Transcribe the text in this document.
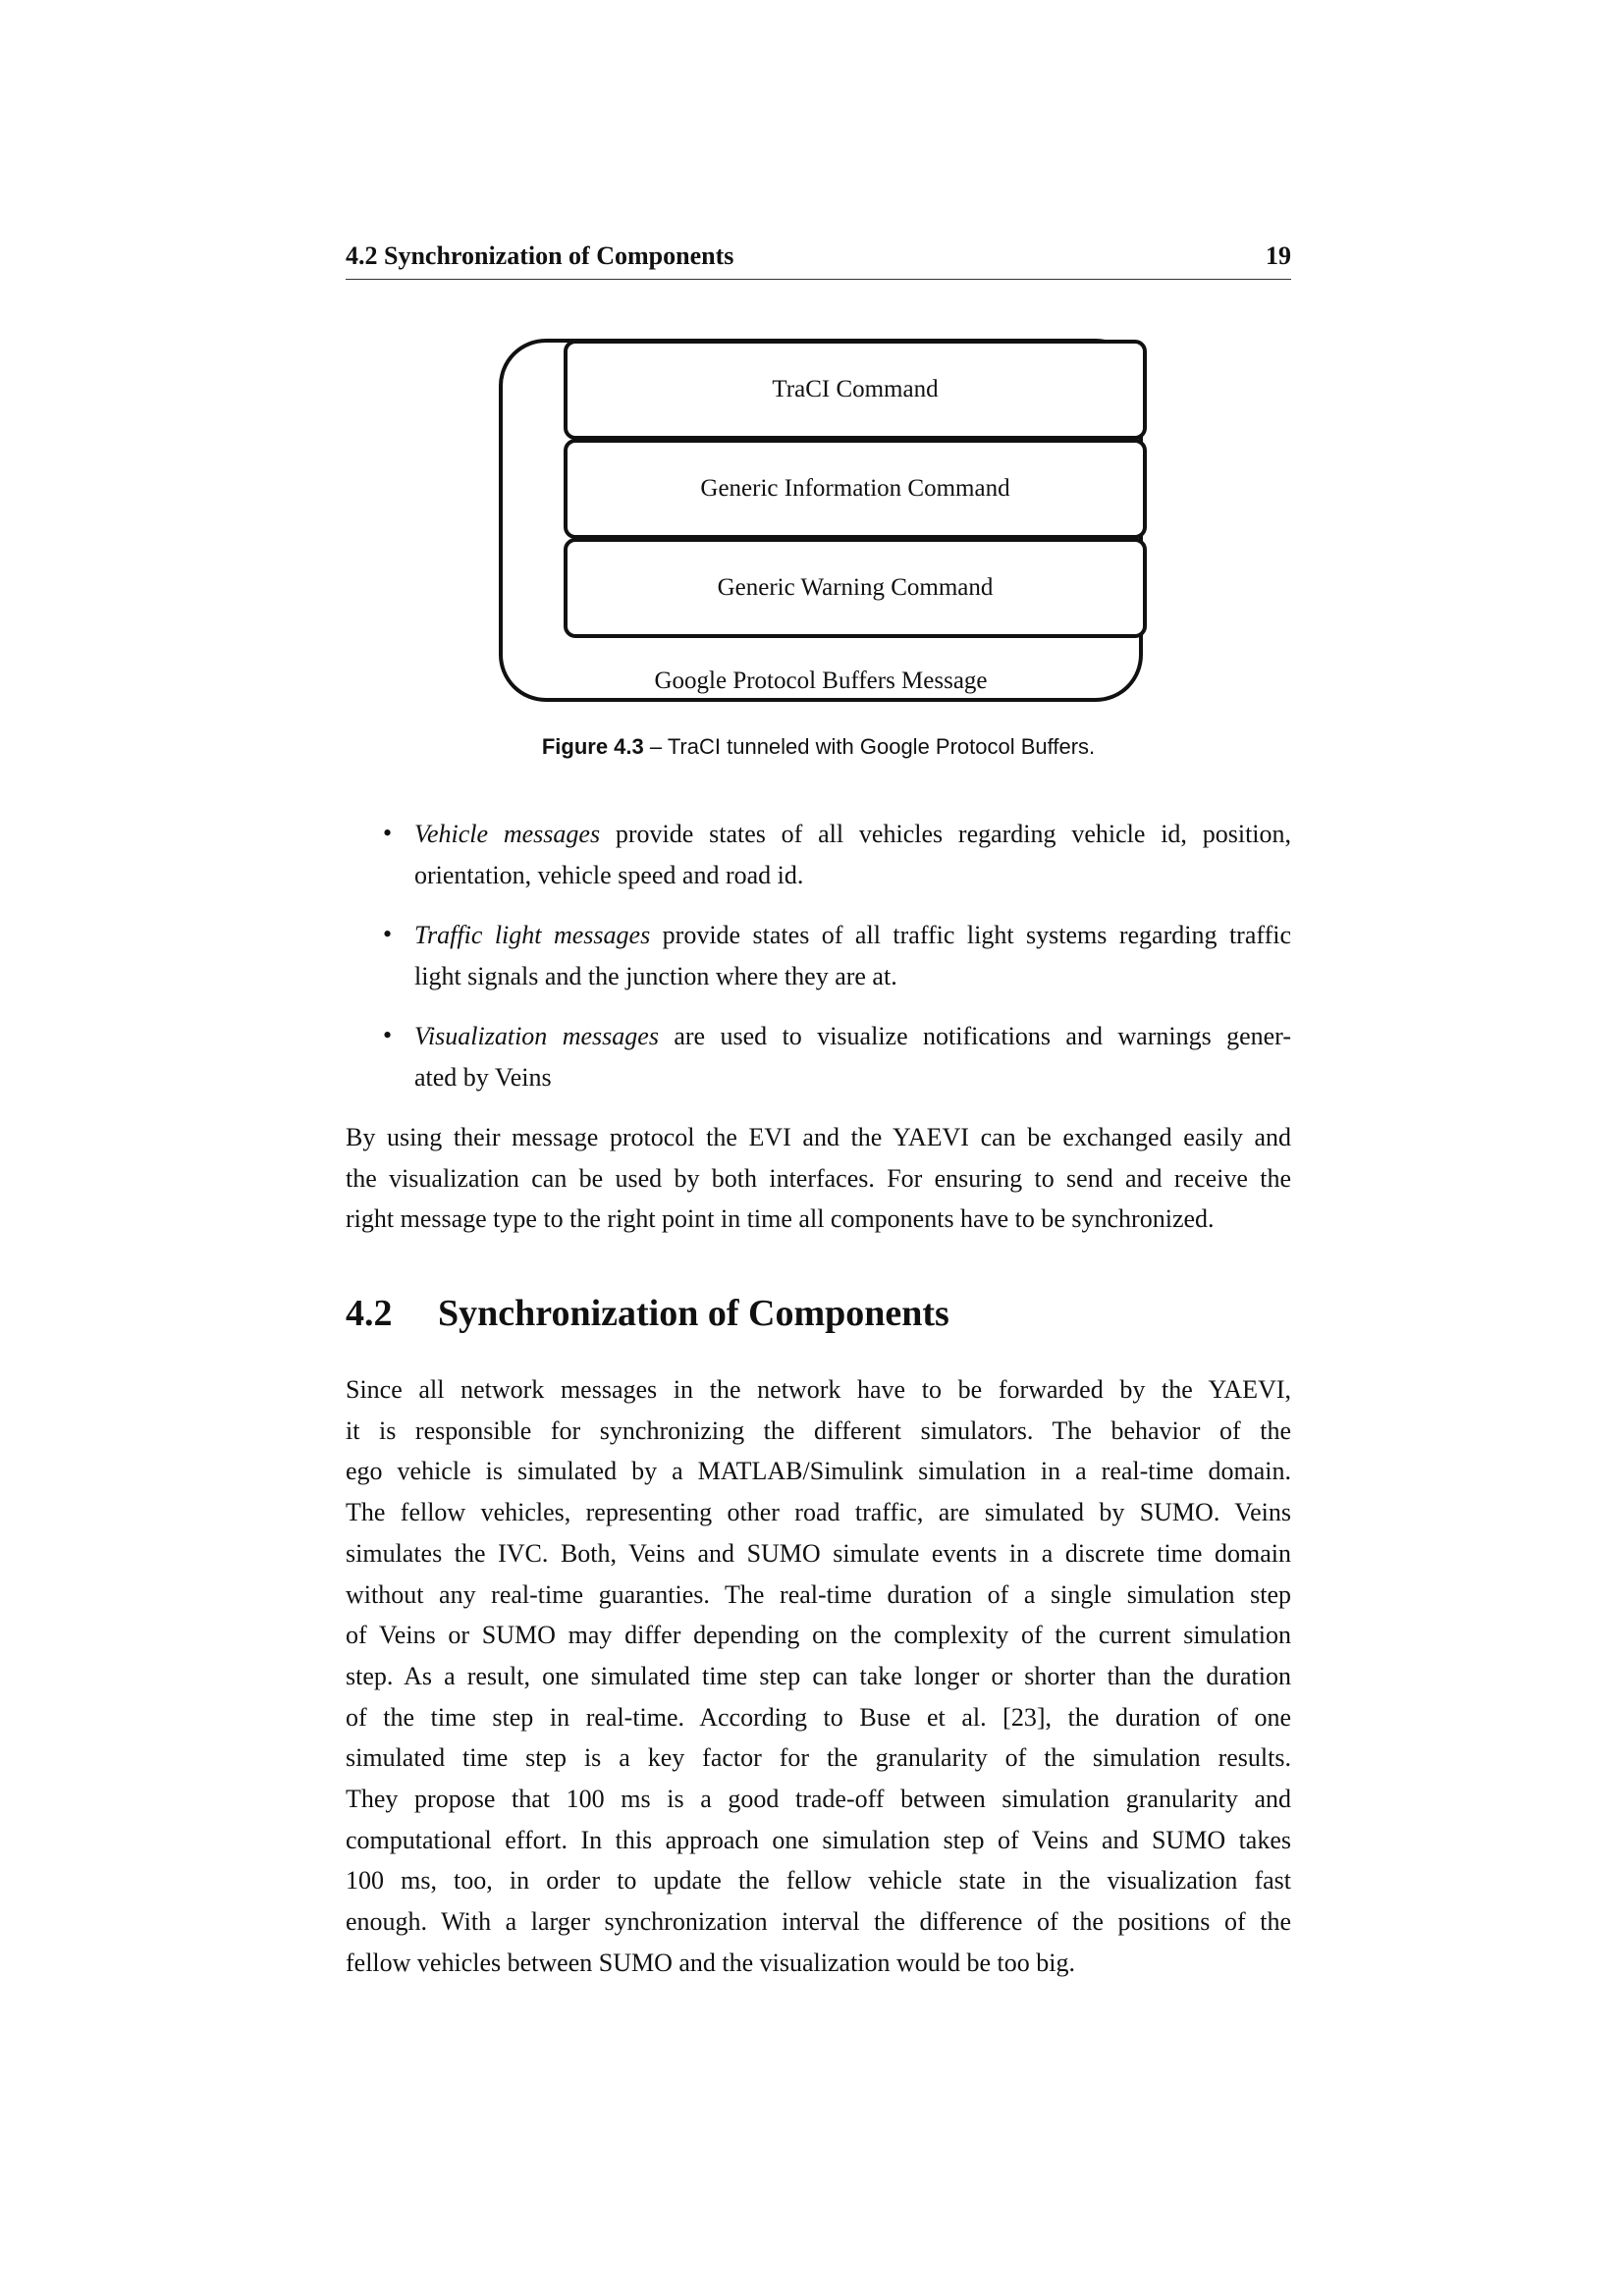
4.2 Synchronization of Components	19
TraCI Command
Generic Information Command
Generic Warning Command
Google Protocol Buffers Message
Figure 4.3 – TraCI tunneled with Google Protocol Buffers.
• Vehicle messages provide states of all vehicles regarding vehicle id, position,
orientation, vehicle speed and road id.
• Traffic light messages provide states of all traffic light systems regarding traffic
light signals and the junction where they are at.
• Visualization messages are used to visualize notifications and warnings gener-
ated by Veins
By using their message protocol the EVI and the YAEVI can be exchanged easily and
the visualization can be used by both interfaces. For ensuring to send and receive the
right message type to the right point in time all components have to be synchronized.
4.2 Synchronization of Components
Since all network messages in the network have to be forwarded by the YAEVI,
it is responsible for synchronizing the different simulators. The behavior of the
ego vehicle is simulated by a MATLAB/Simulink simulation in a real-time domain.
The fellow vehicles, representing other road traffic, are simulated by SUMO. Veins
simulates the IVC. Both, Veins and SUMO simulate events in a discrete time domain
without any real-time guaranties. The real-time duration of a single simulation step
of Veins or SUMO may differ depending on the complexity of the current simulation
step. As a result, one simulated time step can take longer or shorter than the duration
of the time step in real-time. According to Buse et al. [23], the duration of one
simulated time step is a key factor for the granularity of the simulation results.
They propose that 100 ms is a good trade-off between simulation granularity and
computational effort. In this approach one simulation step of Veins and SUMO takes
100 ms, too, in order to update the fellow vehicle state in the visualization fast
enough. With a larger synchronization interval the difference of the positions of the
fellow vehicles between SUMO and the visualization would be too big.
